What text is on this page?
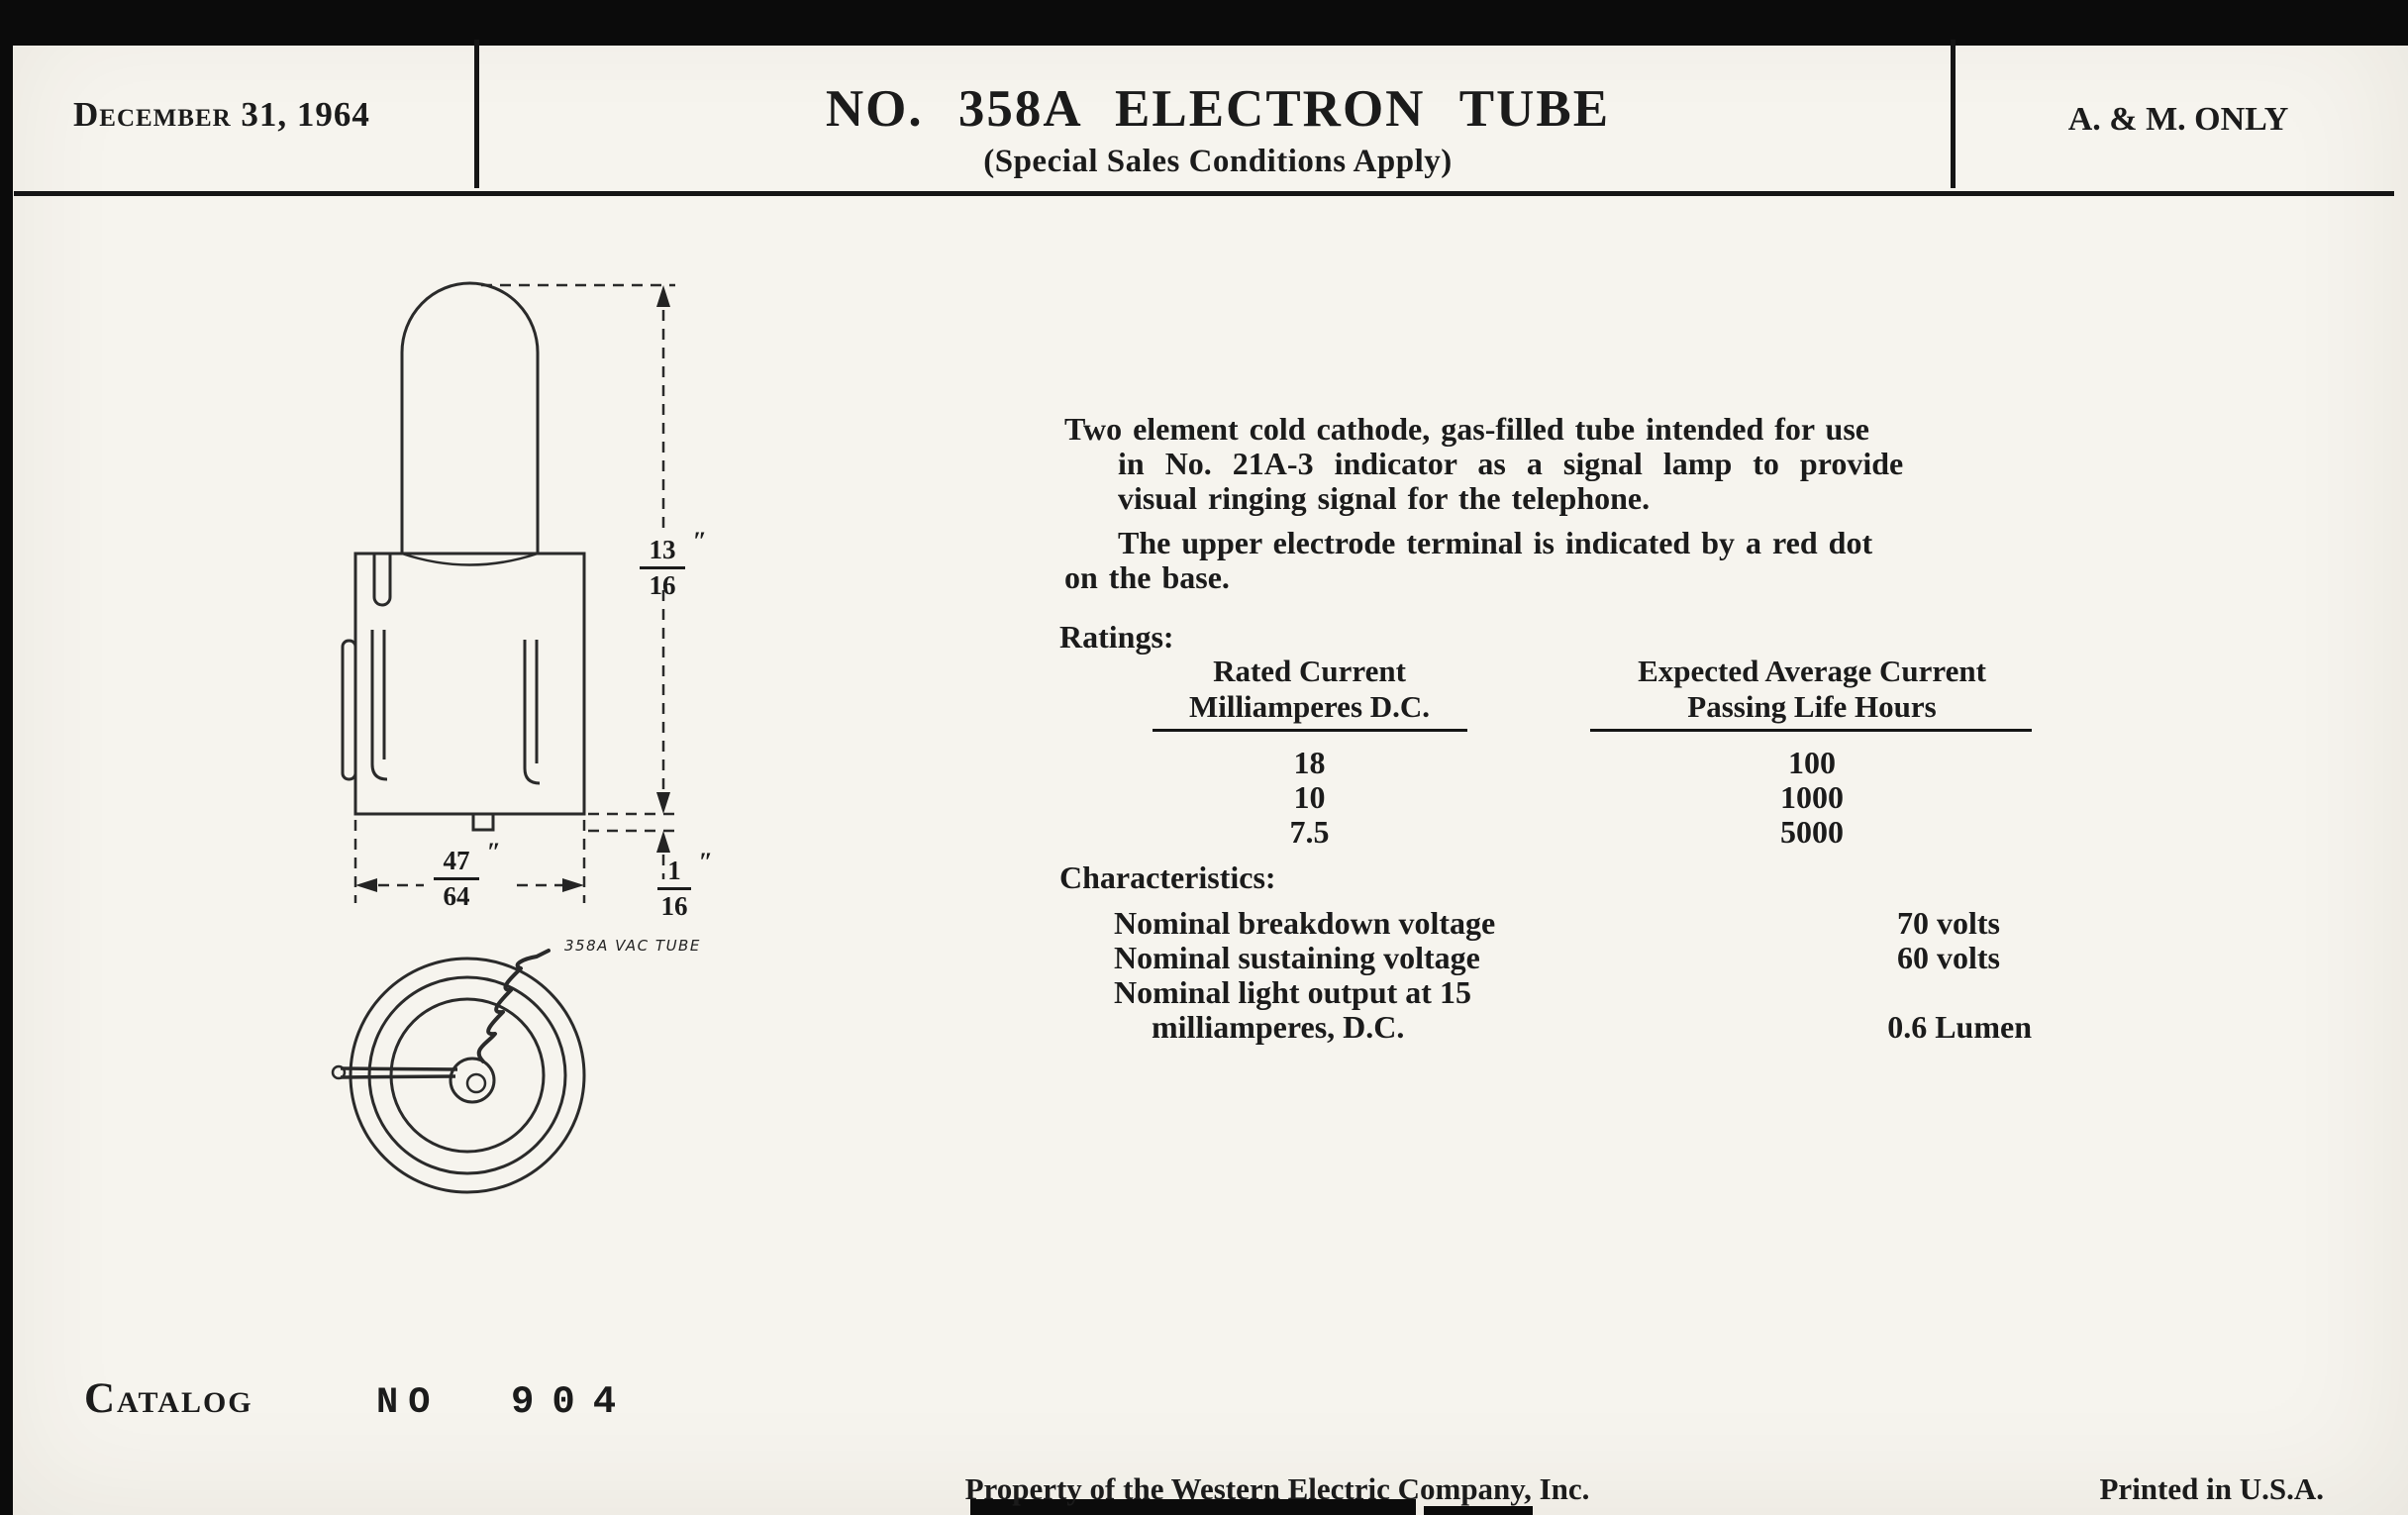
December 31, 1964	NO. 358A ELECTRON TUBE
(Special Sales Conditions Apply)
A. & M. ONLY
13
16
″
47
64
″
1
16
″
358A VAC TUBE
Two element cold cathode, gas-filled tube intended for use
in No. 21A-3 indicator as a signal lamp to provide
visual ringing signal for the telephone.
The upper electrode terminal is indicated by a red dot
on the base.
Ratings:
Rated Current
Milliamperes D.C.
Expected Average Current
Passing Life Hours
18	100
10	1000
7.5	5000
Characteristics:
Nominal breakdown voltage	70 volts
Nominal sustaining voltage	60 volts
Nominal light output at 15
milliamperes, D.C.	0.6 Lumen
Catalog	NO 904
Property of the Western Electric Company, Inc.	Printed in U.S.A.
